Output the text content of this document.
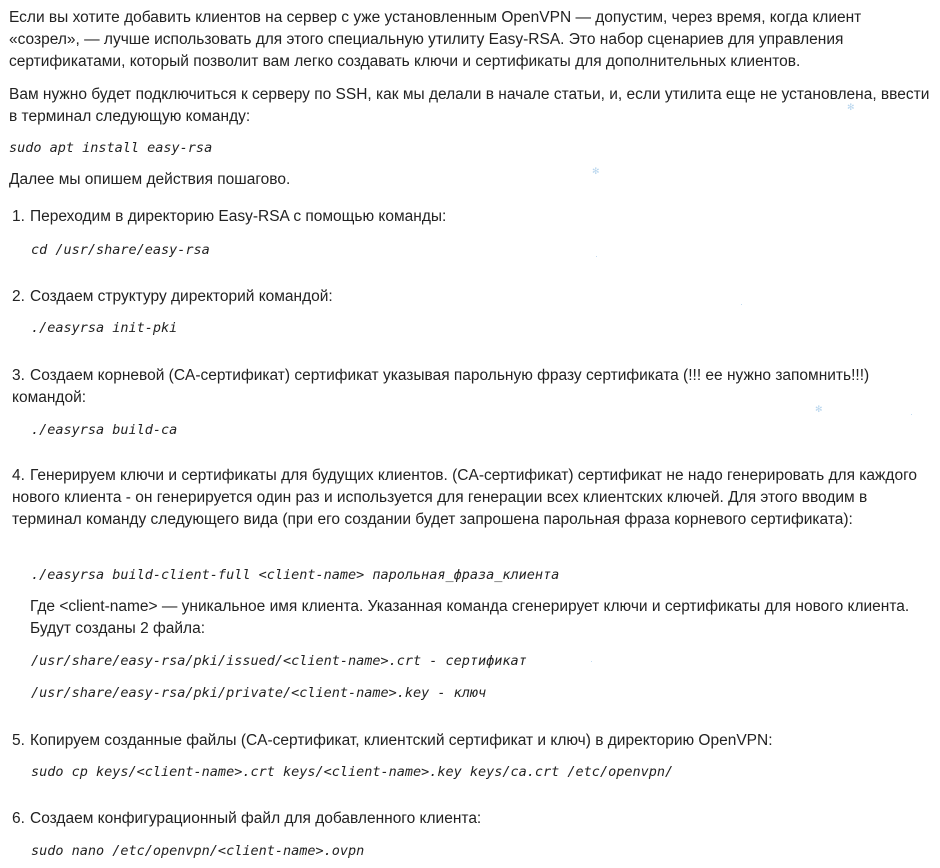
Если вы хотите добавить клиентов на сервер с уже установленным OpenVPN — допустим, через время, когда клиент «созрел», — лучше использовать для этого специальную утилиту Easy-RSA. Это набор сценариев для управления сертификатами, который позволит вам легко создавать ключи и сертификаты для дополнительных клиентов.

Вам нужно будет подключиться к серверу по SSH, как мы делали в начале статьи, и, если утилита еще не установлена, ввести в терминал следующую команду:

sudo apt install easy-rsa

Далее мы опишем действия пошагово.

1. Переходим в директорию Easy-RSA с помощью команды:

cd /usr/share/easy-rsa

2. Создаем структуру директорий командой:

./easyrsa init-pki

3. Создаем корневой (CA-сертификат) сертификат указывая парольную фразу сертификата (!!! ее нужно запомнить!!!) командой:

./easyrsa build-ca

4. Генерируем ключи и сертификаты для будущих клиентов. (CA-сертификат) сертификат не надо генерировать для каждого нового клиента - он генерируется один раз и используется для генерации всех клиентских ключей. Для этого вводим в терминал команду следующего вида (при его создании будет запрошена парольная фраза корневого сертификата):

./easyrsa build-client-full <client-name> парольная_фраза_клиента

Где <client-name> — уникальное имя клиента. Указанная команда сгенерирует ключи и сертификаты для нового клиента. Будут созданы 2 файла:

/usr/share/easy-rsa/pki/issued/<client-name>.crt - сертификат

/usr/share/easy-rsa/pki/private/<client-name>.key - ключ

5. Копируем созданные файлы (CA-сертификат, клиентский сертификат и ключ) в директорию OpenVPN:

sudo cp keys/<client-name>.crt keys/<client-name>.key keys/ca.crt /etc/openvpn/

6. Создаем конфигурационный файл для добавленного клиента:

sudo nano /etc/openvpn/<client-name>.ovpn

✻
✻
✻	·
·
·
·
